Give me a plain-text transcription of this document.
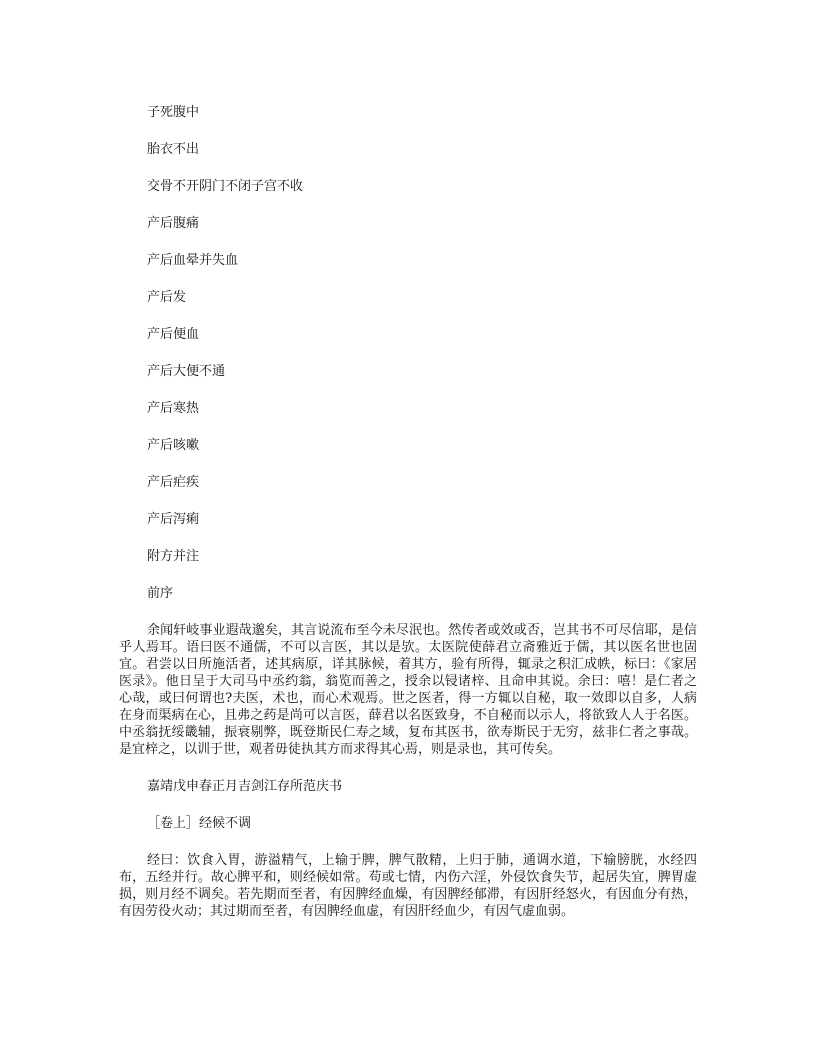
子死腹中
胎衣不出
交骨不开阴门不闭子宫不收
产后腹痛
产后血晕并失血
产后发
产后便血
产后大便不通
产后寒热
产后咳嗽
产后疟疾
产后泻痢
附方并注
前序

余闻轩岐事业遐哉邈矣，其言说流布至今未尽泯也。然传者或效或否，岂其书不可尽信耶，是信乎人焉耳。语曰医不通儒，不可以言医，其以是欤。太医院使薛君立斋雅近于儒，其以医名世也固宜。君尝以日所施活者，述其病原，详其脉候，着其方，验有所得，辄录之积汇成帙，标曰：《家居医录》。他日呈于大司马中丞约翁，翁览而善之，授余以锓诸梓、且命申其说。余曰：嘻！是仁者之心哉，或曰何谓也?夫医，术也，而心术观焉。世之医者，得一方辄以自秘，取一效即以自多，人病在身而渠病在心，且弗之药是尚可以言医，薛君以名医致身，不自秘而以示人，将欲致人人于名医。中丞翁抚绥畿辅，振衰剔弊，既登斯民仁寿之域，复布其医书，欲寿斯民于无穷，兹非仁者之事哉。是宜梓之，以训于世，观者毋徒执其方而求得其心焉，则是录也，其可传矣。

嘉靖戊申春正月吉剑江存所范庆书
［卷上］经候不调

经曰：饮食入胃，游溢精气，上输于脾，脾气散精，上归于肺，通调水道，下输膀胱，水经四布，五经并行。故心脾平和，则经候如常。苟或七情，内伤六淫，外侵饮食失节，起居失宜，脾胃虚损，则月经不调矣。若先期而至者，有因脾经血燥，有因脾经郁滞，有因肝经怒火，有因血分有热，有因劳役火动；其过期而至者，有因脾经血虚，有因肝经血少，有因气虚血弱。
